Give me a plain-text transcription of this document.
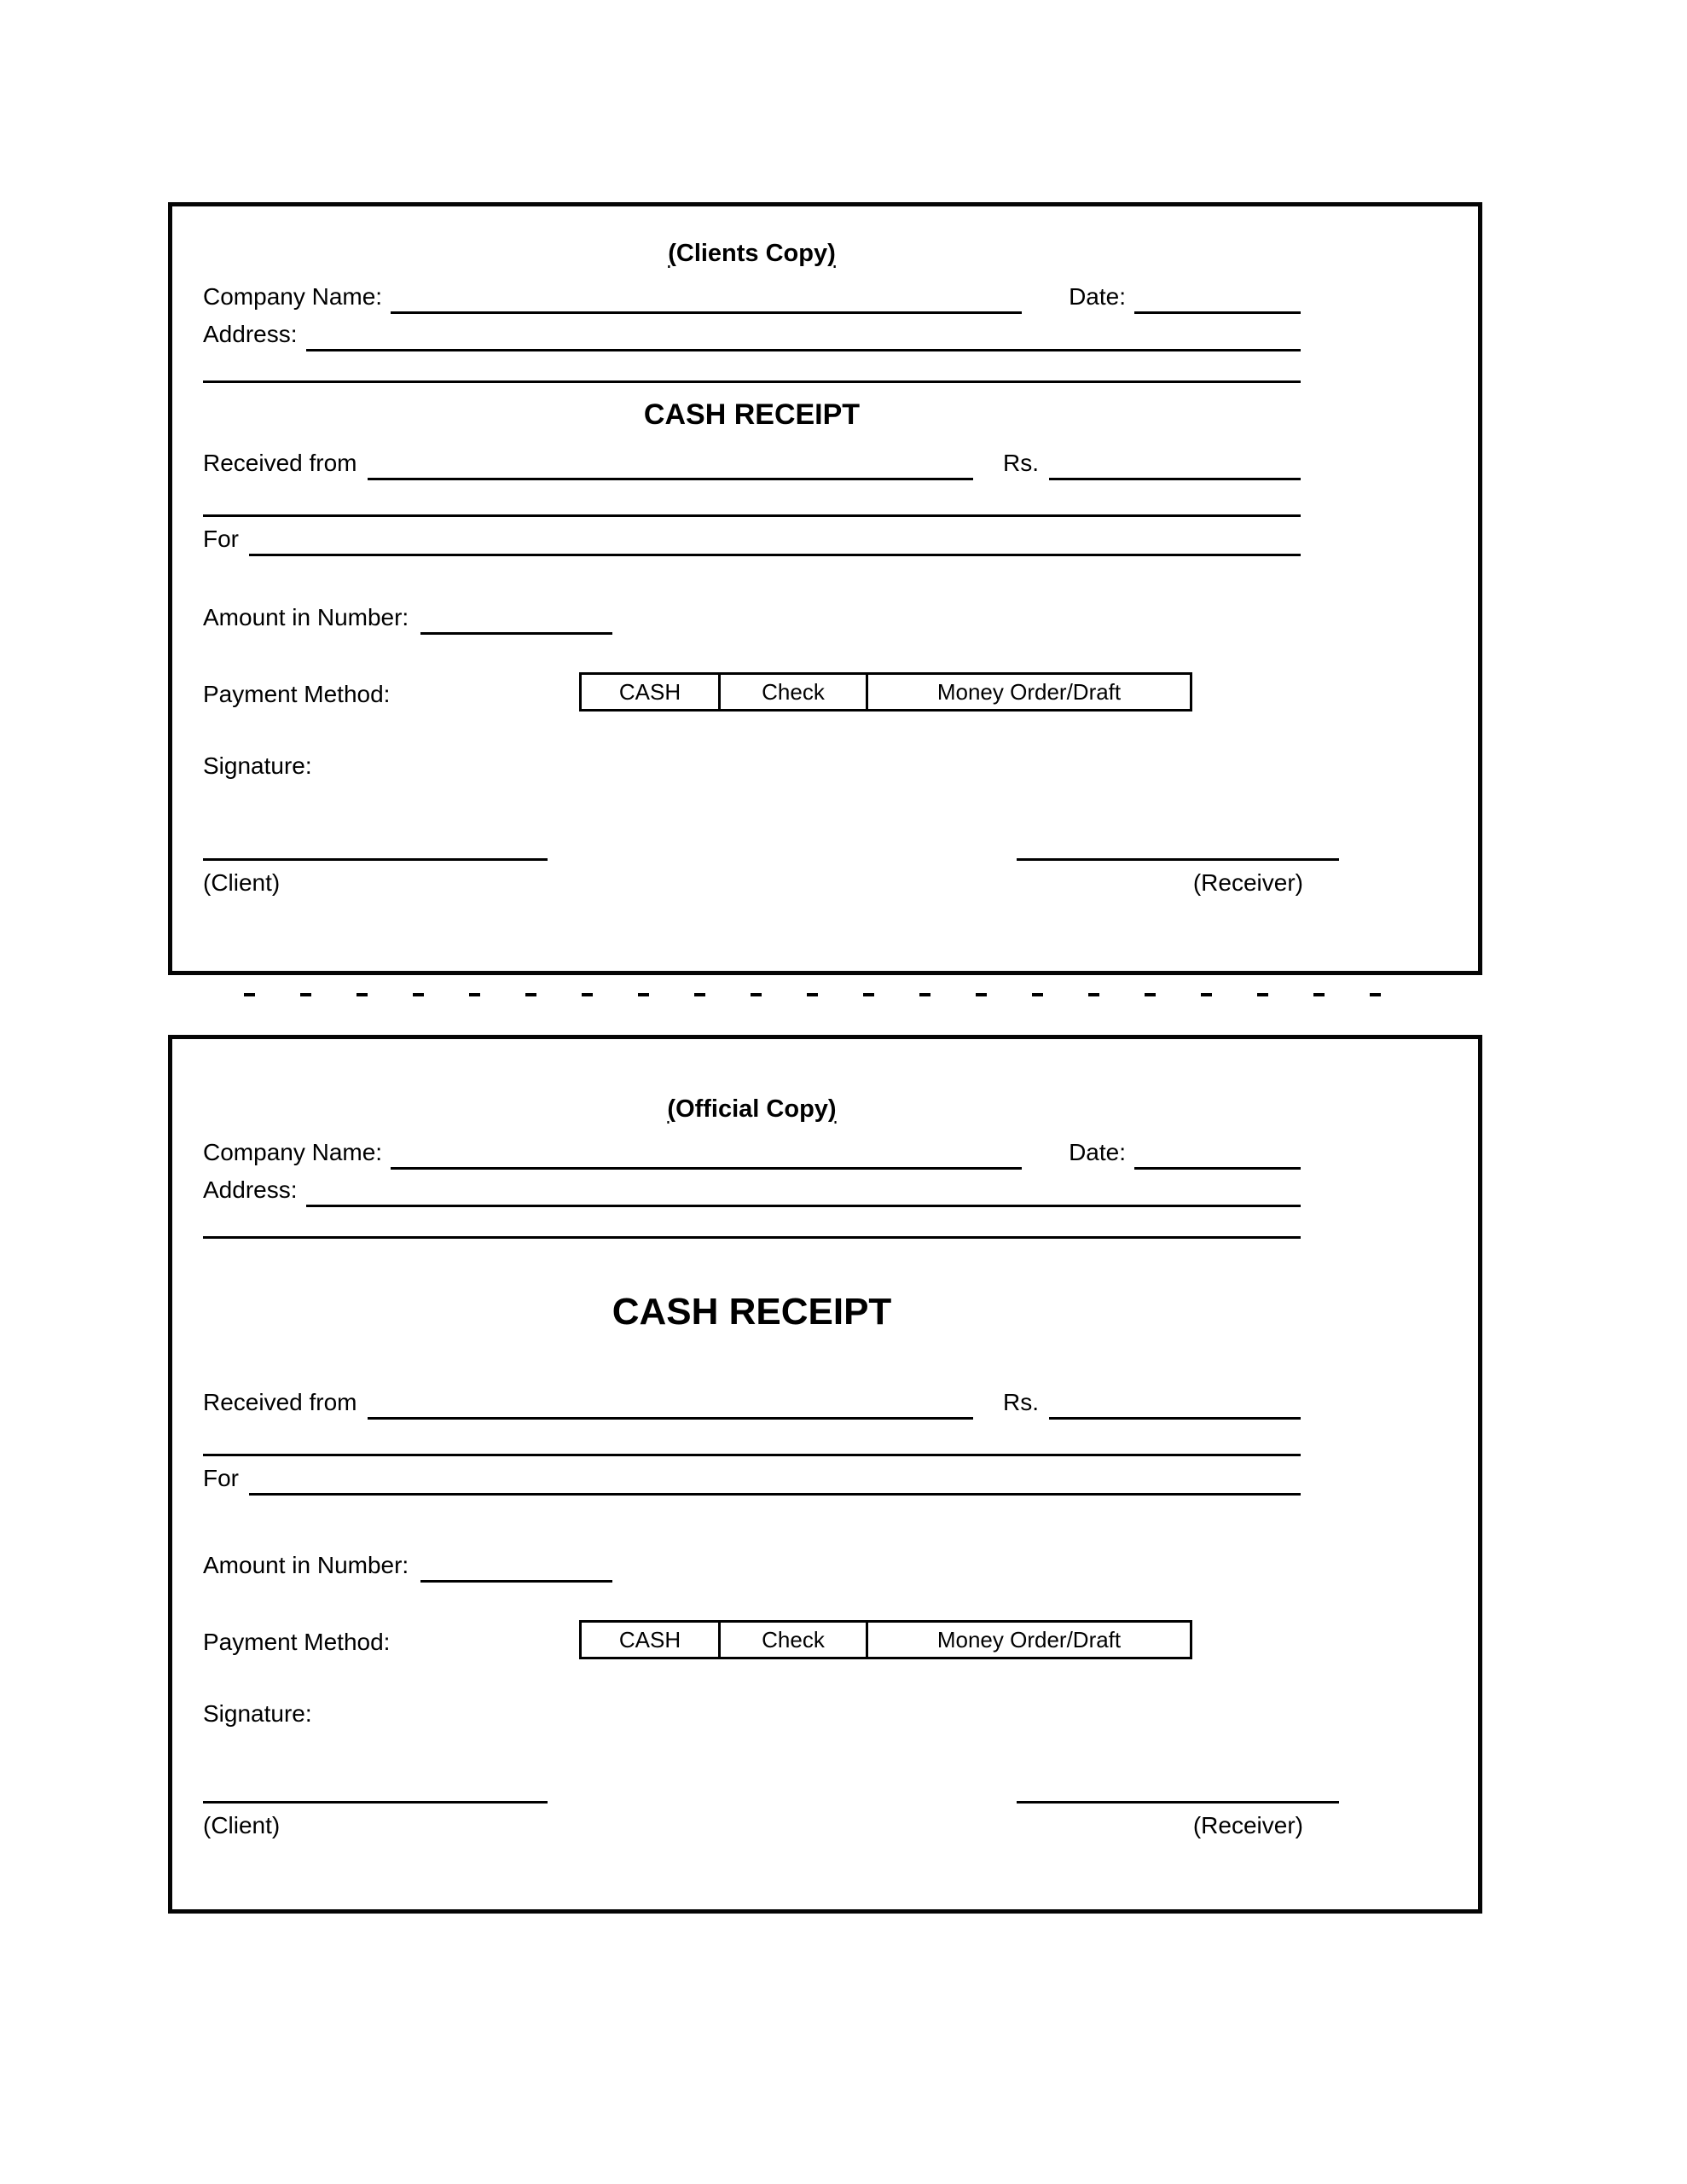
(Clients Copy)
Company Name:	Date:
Address:
CASH RECEIPT
Received from	Rs.
For
Amount in Number:
Payment Method:	CASH	Check	Money Order/Draft
Signature:
(Client)	(Receiver)
(Official Copy)
Company Name:	Date:
Address:
CASH RECEIPT
Received from	Rs.
For
Amount in Number:
Payment Method:	CASH	Check	Money Order/Draft
Signature:
(Client)	(Receiver)
